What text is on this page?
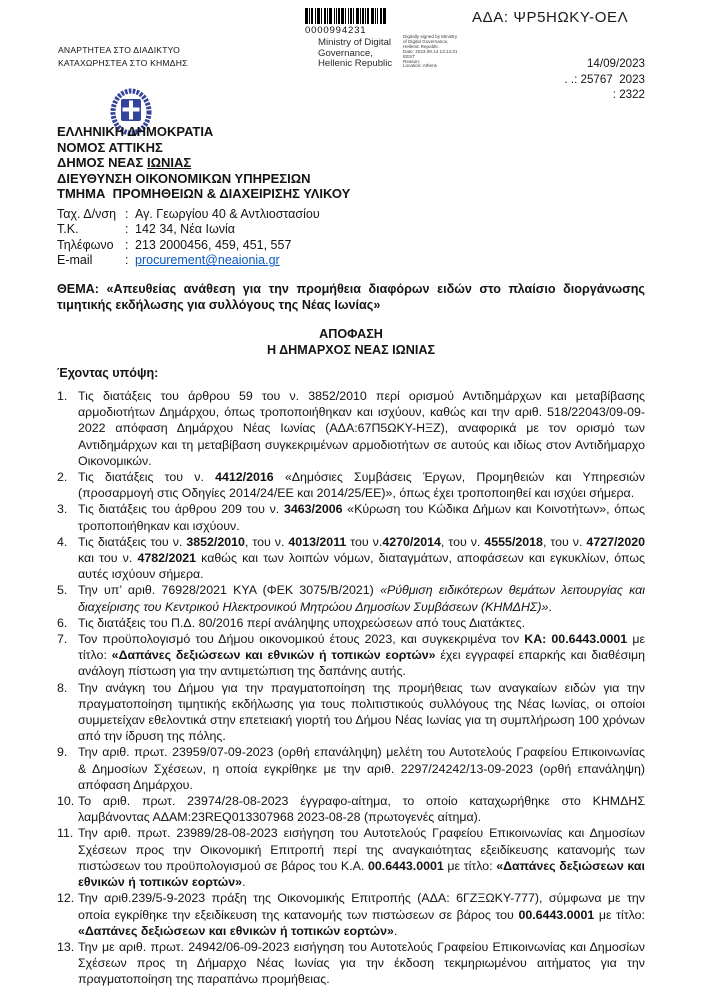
ΑΝΑΡΤΗΤΕΑ ΣΤΟ ΔΙΑΔΙΚΤΥΟ
ΚΑΤΑΧΩΡΗΣΤΕΑ ΣΤΟ ΚΗΜΔΗΣ
0000994231
Ministry of Digital
Governance,
Hellenic Republic
Digitally signed by Ministry
of Digital Governance,
Hellenic Republic
Date: 2023.09.14 13:14:31
EEST
Reason:
Location: Athens
ΑΔΑ: ΨΡ5ΗΩΚΥ-ΟΕΛ
14/09/2023
. .: 25767  2023
: 2322
ΕΛΛΗΝΙΚΗ ΔΗΜΟΚΡΑΤΙΑ
ΝΟΜΟΣ ΑΤΤΙΚΗΣ
ΔΗΜΟΣ ΝΕΑΣ ΙΩΝΙΑΣ
ΔΙΕΥΘΥΝΣΗ ΟΙΚΟΝΟΜΙΚΩΝ ΥΠΗΡΕΣΙΩΝ
ΤΜΗΜΑ  ΠΡΟΜΗΘΕΙΩΝ & ΔΙΑΧΕΙΡΙΣΗΣ ΥΛΙΚΟΥ
Ταχ. Δ/νση : Αγ. Γεωργίου 40 & Αντλιοστασίου
Τ.Κ.	: 142 34, Νέα Ιωνία
Τηλέφωνο : 213 2000456, 459, 451, 557
E-mail	: procurement@neaionia.gr
ΘΕΜΑ: «Απευθείας ανάθεση για την προμήθεια διαφόρων ειδών στο πλαίσιο διοργάνωσης τιμητικής εκδήλωσης για συλλόγους της Νέας Ιωνίας»
ΑΠΟΦΑΣΗ
Η ΔΗΜΑΡΧΟΣ ΝΕΑΣ ΙΩΝΙΑΣ
Έχοντας υπόψη:
1. Τις διατάξεις του άρθρου 59 του ν. 3852/2010 περί ορισμού Αντιδημάρχων και μεταβίβασης αρμοδιοτήτων Δημάρχου, όπως τροποποιήθηκαν και ισχύουν, καθώς και την αριθ. 518/22043/09-09-2022 απόφαση Δημάρχου Νέας Ιωνίας (ΑΔΑ:67Π5ΩΚΥ-ΗΞΖ), αναφορικά με τον ορισμό των Αντιδημάρχων και τη μεταβίβαση συγκεκριμένων αρμοδιοτήτων σε αυτούς και ιδίως στον Αντιδήμαρχο Οικονομικών.
2. Τις διατάξεις του ν. 4412/2016 «Δημόσιες Συμβάσεις Έργων, Προμηθειών και Υπηρεσιών (προσαρμογή στις Οδηγίες 2014/24/ΕΕ και 2014/25/ΕΕ)», όπως έχει τροποποιηθεί και ισχύει σήμερα.
3. Τις διατάξεις του άρθρου 209 του ν. 3463/2006 «Κύρωση του Κώδικα Δήμων και Κοινοτήτων», όπως τροποποιήθηκαν και ισχύουν.
4. Τις διατάξεις του ν. 3852/2010, του ν. 4013/2011 του ν.4270/2014, του ν. 4555/2018, του ν. 4727/2020 και του ν. 4782/2021 καθώς και των λοιπών νόμων, διαταγμάτων, αποφάσεων και εγκυκλίων, όπως αυτές ισχύουν σήμερα.
5. Την υπ’ αριθ. 76928/2021 ΚΥΑ (ΦΕΚ 3075/Β/2021) «Ρύθμιση ειδικότερων θεμάτων λειτουργίας και διαχείρισης του Κεντρικού Ηλεκτρονικού Μητρώου Δημοσίων Συμβάσεων (ΚΗΜΔΗΣ)».
6. Τις διατάξεις του Π.Δ. 80/2016 περί ανάληψης υποχρεώσεων από τους Διατάκτες.
7. Τον προϋπολογισμό του Δήμου οικονομικού έτους 2023, και συγκεκριμένα τον ΚΑ: 00.6443.0001 με τίτλο: «Δαπάνες δεξιώσεων και εθνικών ή τοπικών εορτών» έχει εγγραφεί επαρκής και διαθέσιμη ανάλογη πίστωση για την αντιμετώπιση της δαπάνης αυτής.
8. Την ανάγκη του Δήμου για την πραγματοποίηση της προμήθειας των αναγκαίων ειδών για την πραγματοποίηση τιμητικής εκδήλωσης για τους πολιτιστικούς συλλόγους της Νέας Ιωνίας, οι οποίοι συμμετείχαν εθελοντικά στην επετειακή γιορτή του Δήμου Νέας Ιωνίας για τη συμπλήρωση 100 χρόνων από την ίδρυση της πόλης.
9. Την αριθ. πρωτ. 23959/07-09-2023 (ορθή επανάληψη) μελέτη του Αυτοτελούς Γραφείου Επικοινωνίας & Δημοσίων Σχέσεων, η οποία εγκρίθηκε με την αριθ. 2297/24242/13-09-2023 (ορθή επανάληψη) απόφαση Δημάρχου.
10. Το αριθ. πρωτ. 23974/28-08-2023 έγγραφο-αίτημα, το οποίο καταχωρήθηκε στο ΚΗΜΔΗΣ λαμβάνοντας ΑΔΑΜ:23REQ013307968 2023-08-28 (πρωτογενές αίτημα).
11. Την αριθ. πρωτ. 23989/28-08-2023 εισήγηση του Αυτοτελούς Γραφείου Επικοινωνίας και Δημοσίων Σχέσεων προς την Οικονομική Επιτροπή περί της αναγκαιότητας εξειδίκευσης κατανομής των πιστώσεων του προϋπολογισμού σε βάρος του Κ.Α. 00.6443.0001 με τίτλο: «Δαπάνες δεξιώσεων και εθνικών ή τοπικών εορτών».
12. Την αριθ.239/5-9-2023 πράξη της Οικονομικής Επιτροπής (ΑΔΑ: 6ΓΖΞΩΚΥ-777), σύμφωνα με την οποία εγκρίθηκε την εξειδίκευση της κατανομής των πιστώσεων σε βάρος του 00.6443.0001 με τίτλο: «Δαπάνες δεξιώσεων και εθνικών ή τοπικών εορτών».
13. Την με αριθ. πρωτ. 24942/06-09-2023 εισήγηση του Αυτοτελούς Γραφείου Επικοινωνίας και Δημοσίων Σχέσεων προς τη Δήμαρχο Νέας Ιωνίας για την έκδοση τεκμηριωμένου αιτήματος για την πραγματοποίηση της παραπάνω προμήθειας.
